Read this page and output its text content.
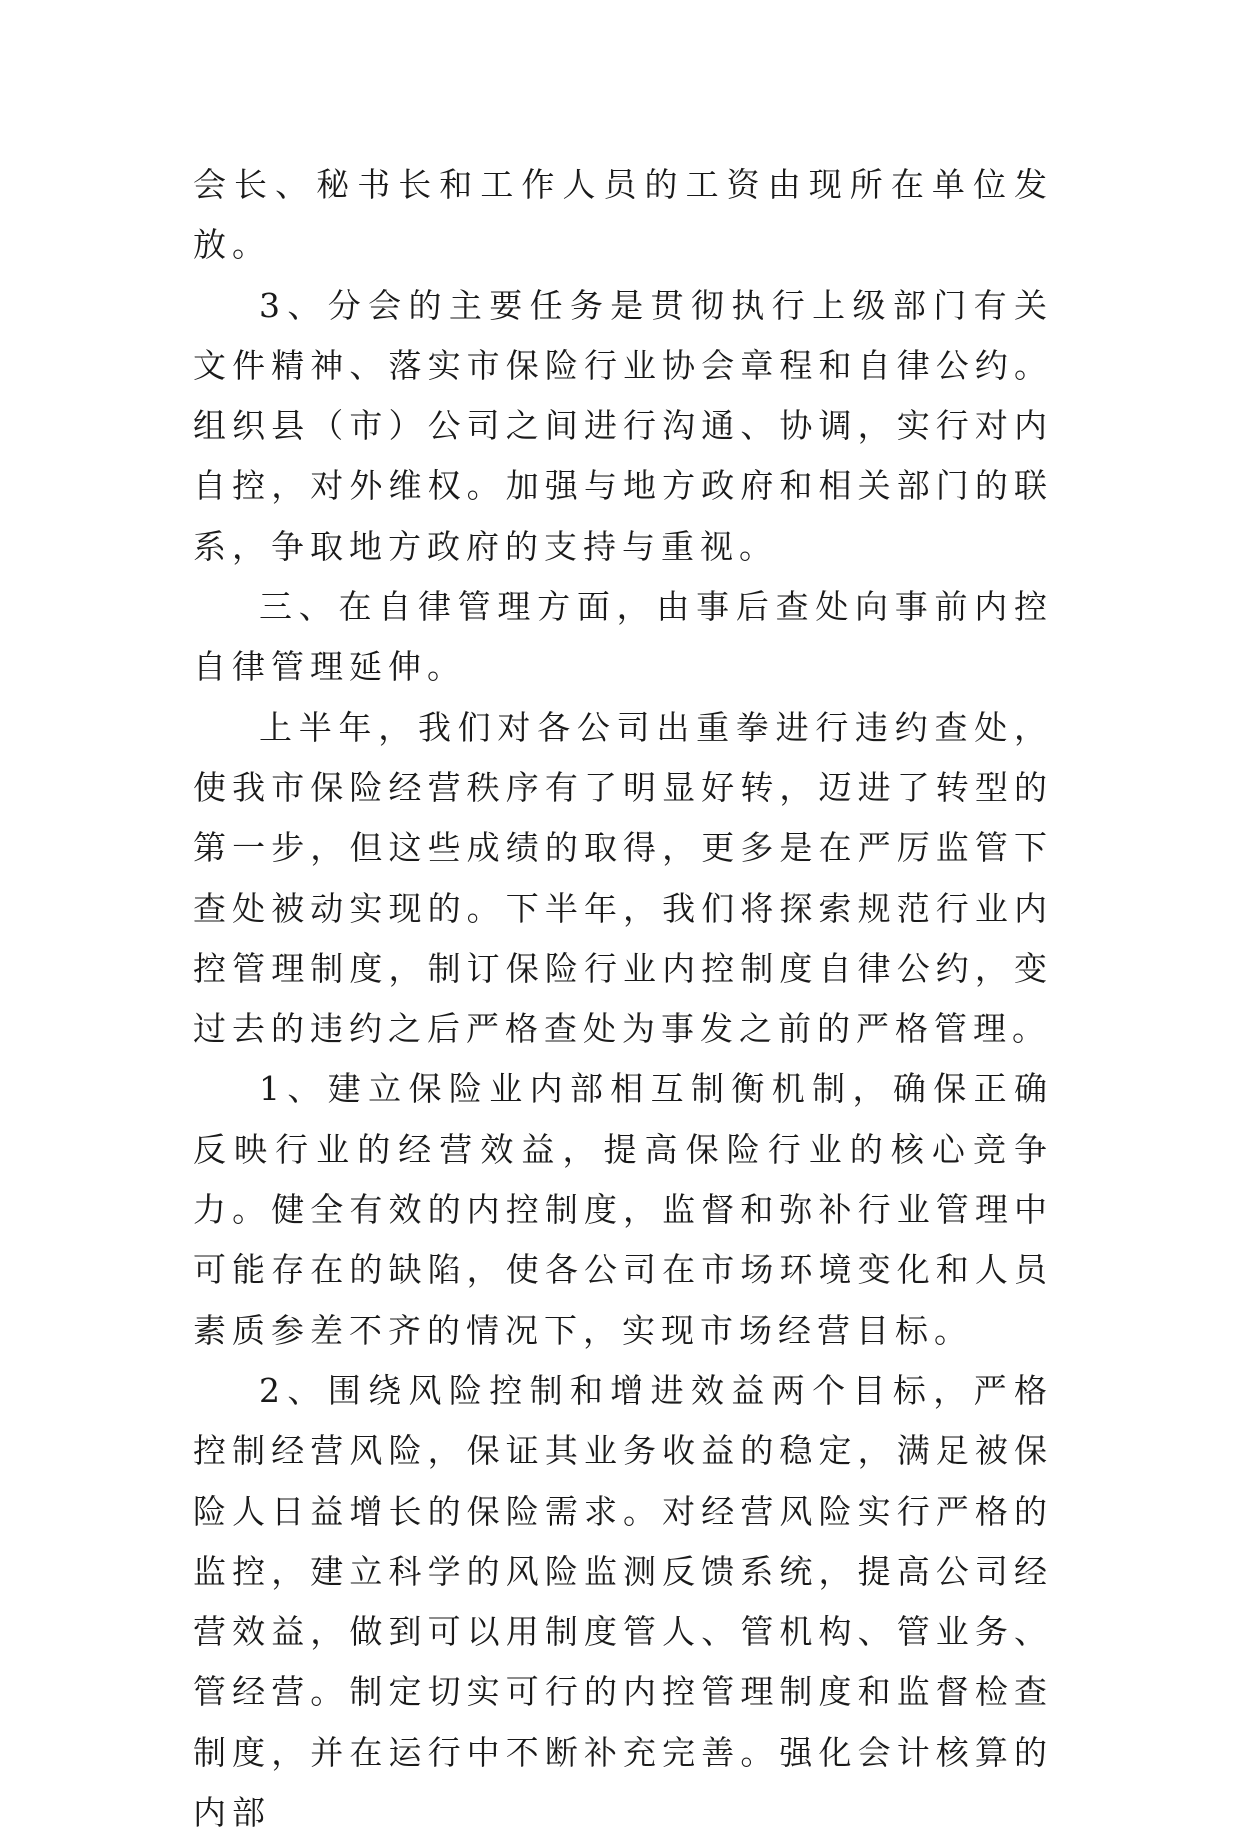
会长、秘书长和工作人员的工资由现所在单位发放。

3、分会的主要任务是贯彻执行上级部门有关文件精神、落实市保险行业协会章程和自律公约。组织县（市）公司之间进行沟通、协调，实行对内自控，对外维权。加强与地方政府和相关部门的联系，争取地方政府的支持与重视。

三、在自律管理方面，由事后查处向事前内控自律管理延伸。

上半年，我们对各公司出重拳进行违约查处，使我市保险经营秩序有了明显好转，迈进了转型的第一步，但这些成绩的取得，更多是在严厉监管下查处被动实现的。下半年，我们将探索规范行业内控管理制度，制订保险行业内控制度自律公约，变过去的违约之后严格查处为事发之前的严格管理。

1、建立保险业内部相互制衡机制，确保正确反映行业的经营效益，提高保险行业的核心竞争力。健全有效的内控制度，监督和弥补行业管理中可能存在的缺陷，使各公司在市场环境变化和人员素质参差不齐的情况下，实现市场经营目标。

2、围绕风险控制和增进效益两个目标，严格控制经营风险，保证其业务收益的稳定，满足被保险人日益增长的保险需求。对经营风险实行严格的监控，建立科学的风险监测反馈系统，提高公司经营效益，做到可以用制度管人、管机构、管业务、管经营。制定切实可行的内控管理制度和监督检查制度，并在运行中不断补充完善。强化会计核算的内部
